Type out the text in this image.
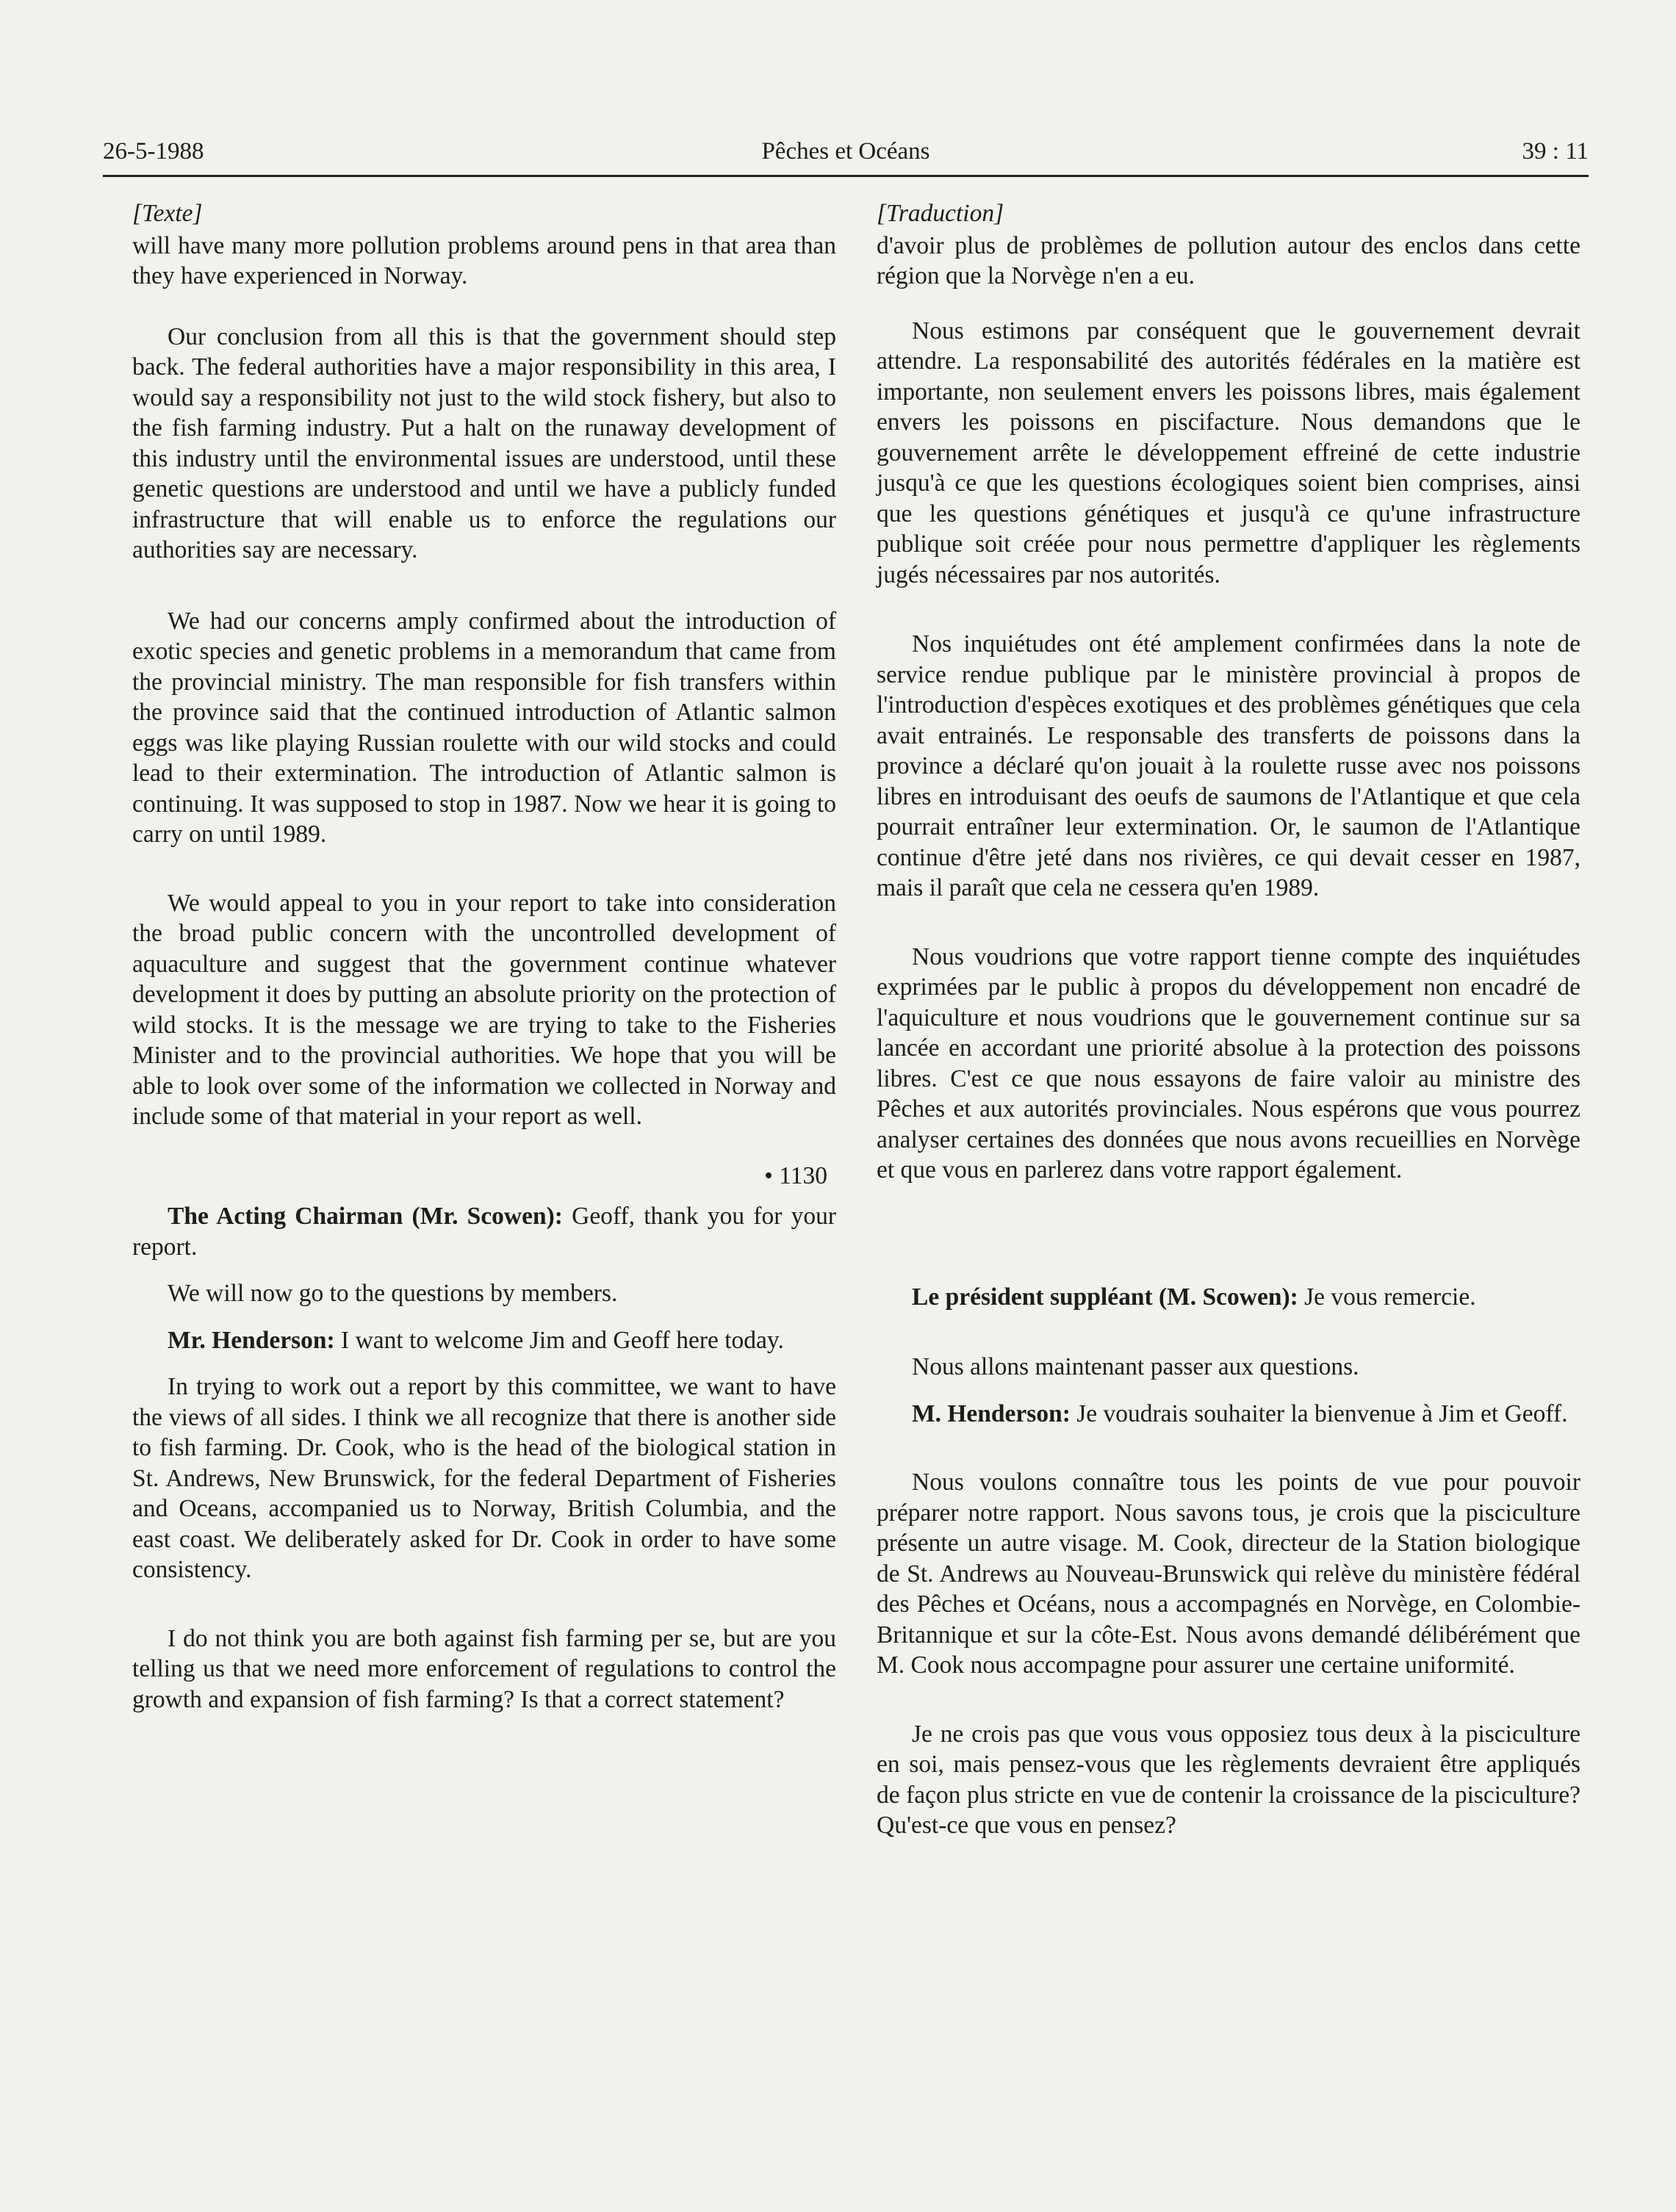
26-5-1988	Pêches et Océans	39 : 11

[Texte]

will have many more pollution problems around pens in that area than they have experienced in Norway.

Our conclusion from all this is that the government should step back. The federal authorities have a major responsibility in this area, I would say a responsibility not just to the wild stock fishery, but also to the fish farming industry. Put a halt on the runaway development of this industry until the environmental issues are understood, until these genetic questions are understood and until we have a publicly funded infrastructure that will enable us to enforce the regulations our authorities say are necessary.

We had our concerns amply confirmed about the introduction of exotic species and genetic problems in a memorandum that came from the provincial ministry. The man responsible for fish transfers within the province said that the continued introduction of Atlantic salmon eggs was like playing Russian roulette with our wild stocks and could lead to their extermination. The introduction of Atlantic salmon is continuing. It was supposed to stop in 1987. Now we hear it is going to carry on until 1989.

We would appeal to you in your report to take into consideration the broad public concern with the uncontrolled development of aquaculture and suggest that the government continue whatever development it does by putting an absolute priority on the protection of wild stocks. It is the message we are trying to take to the Fisheries Minister and to the provincial authorities. We hope that you will be able to look over some of the information we collected in Norway and include some of that material in your report as well.

• 1130

The Acting Chairman (Mr. Scowen): Geoff, thank you for your report.

We will now go to the questions by members.

Mr. Henderson: I want to welcome Jim and Geoff here today.

In trying to work out a report by this committee, we want to have the views of all sides. I think we all recognize that there is another side to fish farming. Dr. Cook, who is the head of the biological station in St. Andrews, New Brunswick, for the federal Department of Fisheries and Oceans, accompanied us to Norway, British Columbia, and the east coast. We deliberately asked for Dr. Cook in order to have some consistency.

I do not think you are both against fish farming per se, but are you telling us that we need more enforcement of regulations to control the growth and expansion of fish farming? Is that a correct statement?

[Traduction]

d'avoir plus de problèmes de pollution autour des enclos dans cette région que la Norvège n'en a eu.

Nous estimons par conséquent que le gouvernement devrait attendre. La responsabilité des autorités fédérales en la matière est importante, non seulement envers les poissons libres, mais également envers les poissons en piscifacture. Nous demandons que le gouvernement arrête le développement effreiné de cette industrie jusqu'à ce que les questions écologiques soient bien comprises, ainsi que les questions génétiques et jusqu'à ce qu'une infrastructure publique soit créée pour nous permettre d'appliquer les règlements jugés nécessaires par nos autorités.

Nos inquiétudes ont été amplement confirmées dans la note de service rendue publique par le ministère provincial à propos de l'introduction d'espèces exotiques et des problèmes génétiques que cela avait entrainés. Le responsable des transferts de poissons dans la province a déclaré qu'on jouait à la roulette russe avec nos poissons libres en introduisant des oeufs de saumons de l'Atlantique et que cela pourrait entraîner leur extermination. Or, le saumon de l'Atlantique continue d'être jeté dans nos rivières, ce qui devait cesser en 1987, mais il paraît que cela ne cessera qu'en 1989.

Nous voudrions que votre rapport tienne compte des inquiétudes exprimées par le public à propos du développement non encadré de l'aquiculture et nous voudrions que le gouvernement continue sur sa lancée en accordant une priorité absolue à la protection des poissons libres. C'est ce que nous essayons de faire valoir au ministre des Pêches et aux autorités provinciales. Nous espérons que vous pourrez analyser certaines des données que nous avons recueillies en Norvège et que vous en parlerez dans votre rapport également.

Le président suppléant (M. Scowen): Je vous remercie.

Nous allons maintenant passer aux questions.

M. Henderson: Je voudrais souhaiter la bienvenue à Jim et Geoff.

Nous voulons connaître tous les points de vue pour pouvoir préparer notre rapport. Nous savons tous, je crois que la pisciculture présente un autre visage. M. Cook, directeur de la Station biologique de St. Andrews au Nouveau-Brunswick qui relève du ministère fédéral des Pêches et Océans, nous a accompagnés en Norvège, en Colombie-Britannique et sur la côte-Est. Nous avons demandé délibérément que M. Cook nous accompagne pour assurer une certaine uniformité.

Je ne crois pas que vous vous opposiez tous deux à la pisciculture en soi, mais pensez-vous que les règlements devraient être appliqués de façon plus stricte en vue de contenir la croissance de la pisciculture? Qu'est-ce que vous en pensez?
